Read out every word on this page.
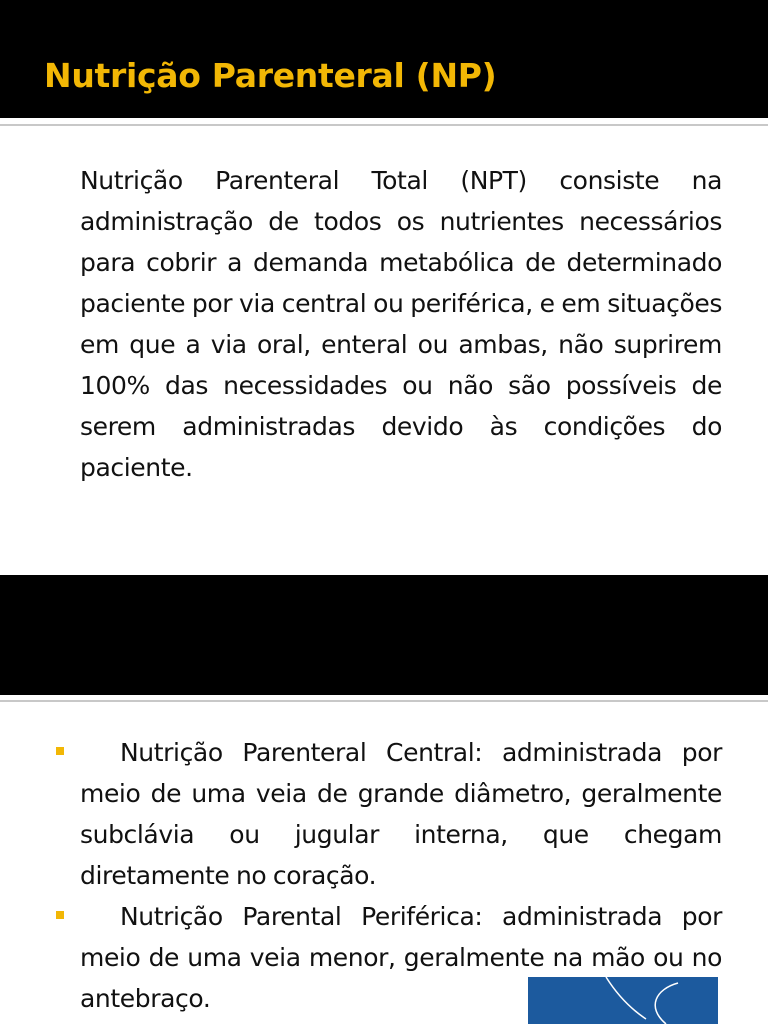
Nutrição Parenteral (NP)

Nutrição Parenteral Total (NPT) consiste na administração de todos os nutrientes necessários para cobrir a demanda metabólica de determinado paciente por via central ou periférica, e em situações em que a via oral, enteral ou ambas, não suprirem 100% das necessidades ou não são possíveis de serem administradas devido às condições do paciente.

Nutrição Parenteral Central: administrada por meio de uma veia de grande diâmetro, geralmente subclávia ou jugular interna, que chegam diretamente no coração.
Nutrição Parental Periférica: administrada por meio de uma veia menor, geralmente na mão ou no antebraço.
